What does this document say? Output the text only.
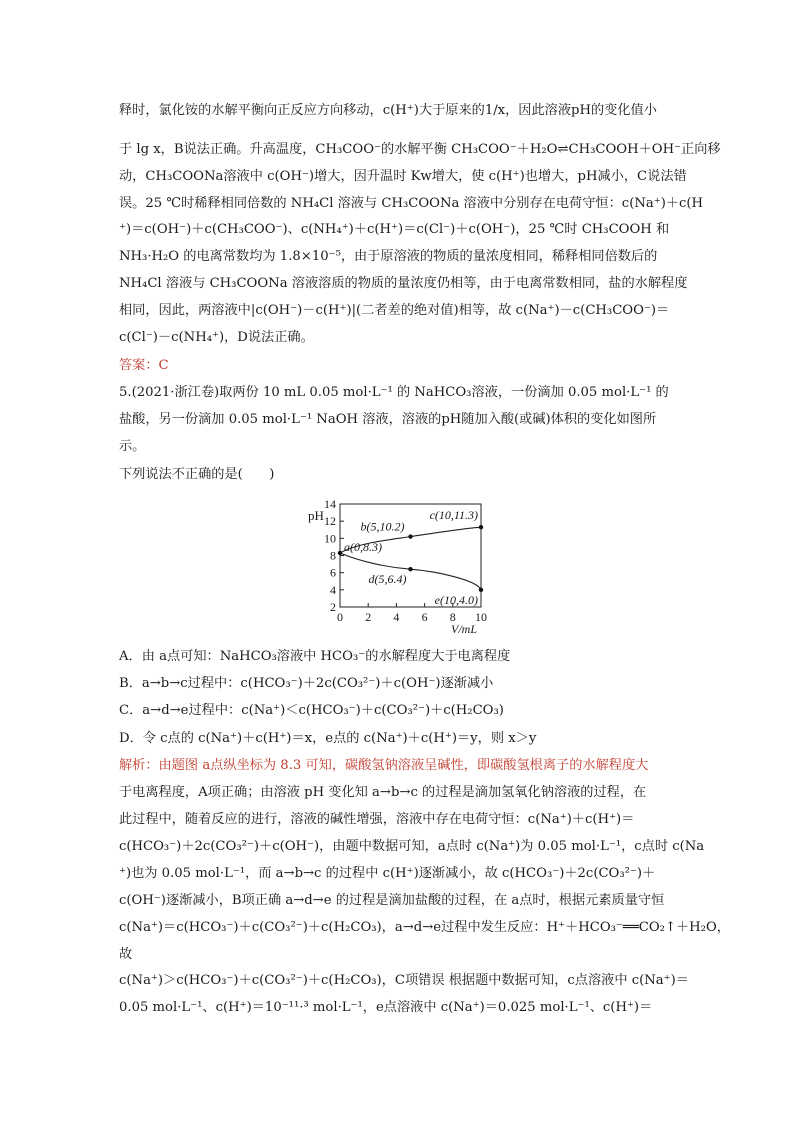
释时，氯化铵的水解平衡向正反应方向移动，c(H⁺)大于原来的1/x，因此溶液pH的变化值小
于 lg x，B说法正确。升高温度，CH₃COO⁻的水解平衡 CH₃COO⁻＋H₂O⇌CH₃COOH＋OH⁻正向移
动，CH₃COONa溶液中 c(OH⁻)增大，因升温时 Kw增大，使 c(H⁺)也增大，pH减小，C说法错
误。25 ℃时稀释相同倍数的 NH₄Cl 溶液与 CH₃COONa 溶液中分别存在电荷守恒：c(Na⁺)＋c(H
⁺)＝c(OH⁻)＋c(CH₃COO⁻)、c(NH₄⁺)＋c(H⁺)＝c(Cl⁻)＋c(OH⁻)，25 ℃时 CH₃COOH 和
NH₃·H₂O 的电离常数均为 1.8×10⁻⁵，由于原溶液的物质的量浓度相同，稀释相同倍数后的
NH₄Cl 溶液与 CH₃COONa 溶液溶质的物质的量浓度仍相等，由于电离常数相同，盐的水解程度
相同，因此，两溶液中|c(OH⁻)－c(H⁺)|(二者差的绝对值)相等，故 c(Na⁺)－c(CH₃COO⁻)＝
c(Cl⁻)－c(NH₄⁺)，D说法正确。
答案：C
5.(2021·浙江卷)取两份 10 mL 0.05 mol·L⁻¹ 的 NaHCO₃溶液，一份滴加 0.05 mol·L⁻¹ 的
盐酸，另一份滴加 0.05 mol·L⁻¹ NaOH 溶液，溶液的pH随加入酸(或碱)体积的变化如图所
示。
下列说法不正确的是(　　)
A．由 a点可知：NaHCO₃溶液中 HCO₃⁻的水解程度大于电离程度
B．a→b→c过程中：c(HCO₃⁻)＋2c(CO₃²⁻)＋c(OH⁻)逐渐减小
C．a→d→e过程中：c(Na⁺)＜c(HCO₃⁻)＋c(CO₃²⁻)＋c(H₂CO₃)
D．令 c点的 c(Na⁺)＋c(H⁺)＝x，e点的 c(Na⁺)＋c(H⁺)＝y，则 x＞y
解析：由题图 a点纵坐标为 8.3 可知，碳酸氢钠溶液呈碱性，即碳酸氢根离子的水解程度大
于电离程度，A项正确；由溶液 pH 变化知 a→b→c 的过程是滴加氢氧化钠溶液的过程，在
此过程中，随着反应的进行，溶液的碱性增强，溶液中存在电荷守恒：c(Na⁺)＋c(H⁺)＝
c(HCO₃⁻)＋2c(CO₃²⁻)＋c(OH⁻)，由题中数据可知，a点时 c(Na⁺)为 0.05 mol·L⁻¹，c点时 c(Na
⁺)也为 0.05 mol·L⁻¹，而 a→b→c 的过程中 c(H⁺)逐渐减小，故 c(HCO₃⁻)＋2c(CO₃²⁻)＋
c(OH⁻)逐渐减小，B项正确 a→d→e 的过程是滴加盐酸的过程，在 a点时，根据元素质量守恒
c(Na⁺)＝c(HCO₃⁻)＋c(CO₃²⁻)＋c(H₂CO₃)，a→d→e过程中发生反应：H⁺＋HCO₃⁻══CO₂↑＋H₂O，
故
c(Na⁺)＞c(HCO₃⁻)＋c(CO₃²⁻)＋c(H₂CO₃)，C项错误 根据题中数据可知，c点溶液中 c(Na⁺)＝
0.05 mol·L⁻¹、c(H⁺)＝10⁻¹¹·³ mol·L⁻¹，e点溶液中 c(Na⁺)＝0.025 mol·L⁻¹、c(H⁺)＝
2
4
6
8
10
12
14
0 2 4 6 8 10
pH
V/mL
a(0,8.3)
b(5,10.2)
c(10,11.3)
d(5,6.4)
e(10,4.0)
